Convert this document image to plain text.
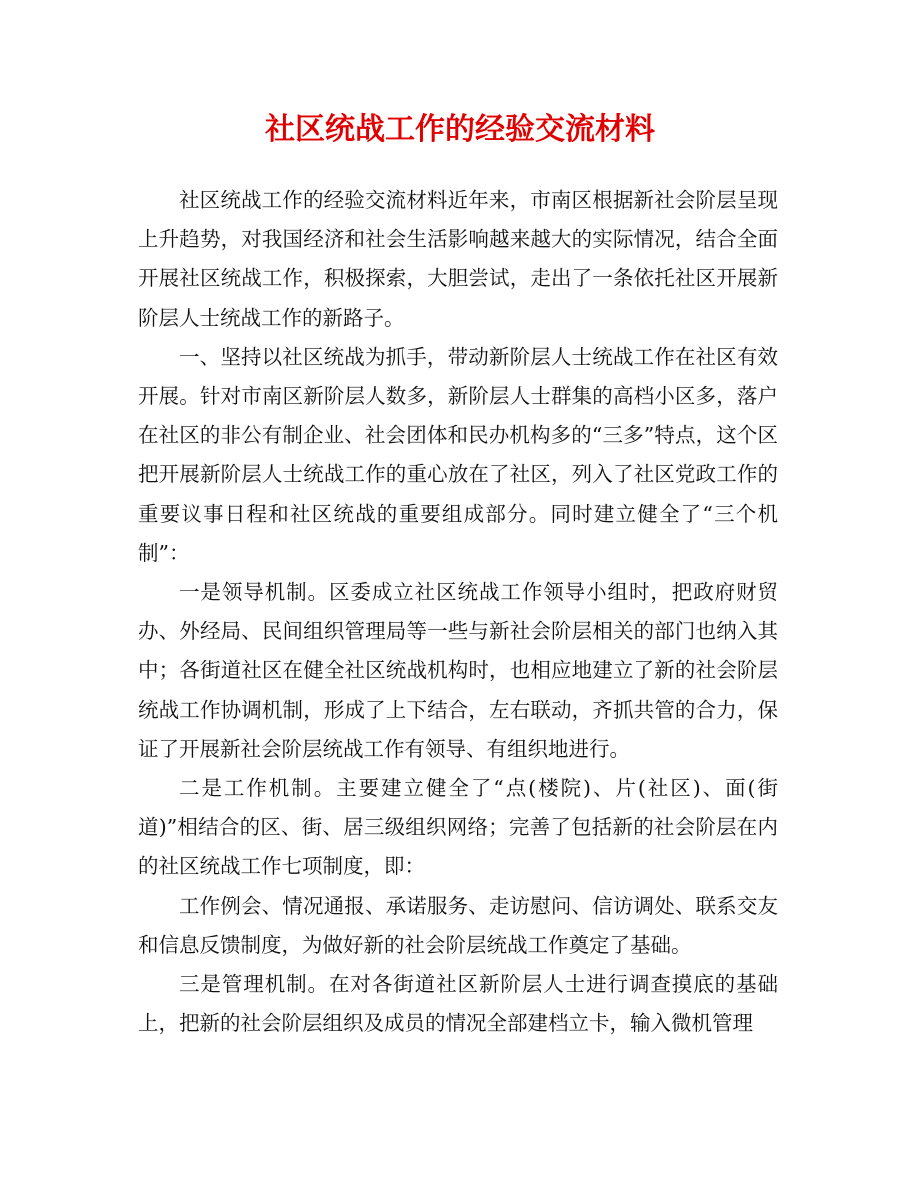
社区统战工作的经验交流材料

社区统战工作的经验交流材料近年来，市南区根据新社会阶层呈现上升趋势，对我国经济和社会生活影响越来越大的实际情况，结合全面开展社区统战工作，积极探索，大胆尝试，走出了一条依托社区开展新阶层人士统战工作的新路子。

一、坚持以社区统战为抓手，带动新阶层人士统战工作在社区有效开展。针对市南区新阶层人数多，新阶层人士群集的高档小区多，落户在社区的非公有制企业、社会团体和民办机构多的“三多”特点，这个区把开展新阶层人士统战工作的重心放在了社区，列入了社区党政工作的重要议事日程和社区统战的重要组成部分。同时建立健全了“三个机制”：

一是领导机制。区委成立社区统战工作领导小组时，把政府财贸办、外经局、民间组织管理局等一些与新社会阶层相关的部门也纳入其中；各街道社区在健全社区统战机构时，也相应地建立了新的社会阶层统战工作协调机制，形成了上下结合，左右联动，齐抓共管的合力，保证了开展新社会阶层统战工作有领导、有组织地进行。

二是工作机制。主要建立健全了“点(楼院)、片(社区)、面(街道)”相结合的区、街、居三级组织网络；完善了包括新的社会阶层在内的社区统战工作七项制度，即：

工作例会、情况通报、承诺服务、走访慰问、信访调处、联系交友和信息反馈制度，为做好新的社会阶层统战工作奠定了基础。

三是管理机制。在对各街道社区新阶层人士进行调查摸底的基础上，把新的社会阶层组织及成员的情况全部建档立卡，输入微机管理
